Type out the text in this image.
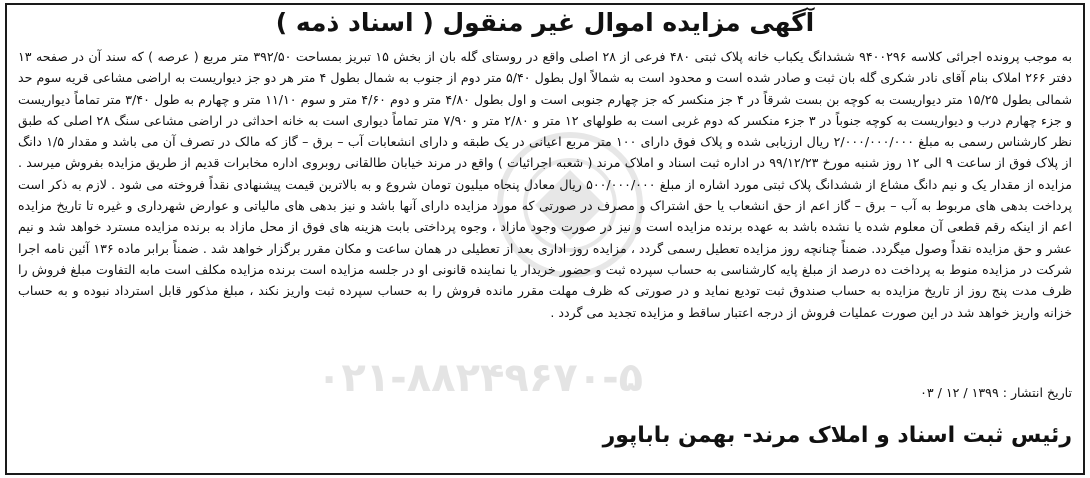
آگهی مزایده اموال غیر منقول ( اسناد ذمه )
۰۲۱-۸۸۲۴۹۶۷۰-۵
به موجب پرونده اجرائی کلاسه ۹۴۰۰۲۹۶ ششدانگ یکباب خانه پلاک ثبتی ۴۸۰ فرعی از ۲۸ اصلی واقع در روستای گله بان از بخش ۱۵ تبریز بمساحت ۳۹۲/۵۰ متر مربع ( عرصه ) که سند آن در صفحه ۱۳ دفتر ۲۶۶ املاک بنام آقای نادر شکری گله بان ثبت و صادر شده است و محدود است به شمالاً اول بطول ۵/۴۰ متر دوم از جنوب به شمال بطول ۴ متر هر دو جز دیواریست به اراضی مشاعی قریه سوم حد شمالی بطول ۱۵/۲۵ متر دیواریست به کوچه بن بست شرقاً در ۴ جز منکسر که جز چهارم جنوبی است و اول بطول ۴/۸۰ متر و دوم ۴/۶۰ متر و سوم ۱۱/۱۰ متر و چهارم به طول ۳/۴۰ متر تماماً دیواریست و جزء چهارم درب و دیواریست به کوچه جنوباً در ۳ جزء منکسر که دوم غربی است به طولهای ۱۲ متر و ۲/۸۰ متر و ۷/۹۰ متر تماماً دیواری است به خانه احداثی در اراضی مشاعی سنگ ۲۸ اصلی که طبق نظر کارشناس رسمی به مبلغ ۲/۰۰۰/۰۰۰/۰۰۰ ریال ارزیابی شده و پلاک فوق دارای ۱۰۰ متر مربع اعیانی در یک طبقه و دارای انشعابات آب – برق – گاز که مالک در تصرف آن می باشد و مقدار ۱/۵ دانگ از پلاک فوق از ساعت ۹ الی ۱۲ روز شنبه مورخ ۹۹/۱۲/۲۳ در اداره ثبت اسناد و املاک مرند ( شعبه اجرائیات ) واقع در مرند خیابان طالقانی روبروی اداره مخابرات قدیم از طریق مزایده بفروش میرسد . مزایده از مقدار یک و نیم دانگ مشاع از ششدانگ پلاک ثبتی مورد اشاره از مبلغ ۵۰۰/۰۰۰/۰۰۰ ریال معادل پنجاه میلیون تومان شروع و به بالاترین قیمت پیشنهادی نقداً فروخته می شود . لازم به ذکر است پرداخت بدهی های مربوط به آب – برق – گاز اعم از حق انشعاب یا حق اشتراک و مصرف در صورتی که مورد مزایده دارای آنها باشد و نیز بدهی های مالیاتی و عوارض شهرداری و غیره تا تاریخ مزایده اعم از اینکه رقم قطعی آن معلوم شده یا نشده باشد به عهده برنده مزایده است و نیز در صورت وجود مازاد ، وجوه پرداختی بابت هزینه های فوق از محل مازاد به برنده مزایده مسترد خواهد شد و نیم عشر و حق مزایده نقداً وصول میگردد. ضمناً چنانچه روز مزایده تعطیل رسمی گردد ، مزایده روز اداری بعد از تعطیلی در همان ساعت و مکان مقرر برگزار خواهد شد . ضمناً برابر ماده ۱۳۶ آئین نامه اجرا شرکت در مزایده منوط به پرداخت ده درصد از مبلغ پایه کارشناسی به حساب سپرده ثبت و حضور خریدار یا نماینده قانونی او در جلسه مزایده است برنده مزایده مکلف است مابه التفاوت مبلغ فروش را ظرف مدت پنج روز از تاریخ مزایده به حساب صندوق ثبت تودیع نماید و در صورتی که ظرف مهلت مقرر مانده فروش را به حساب سپرده ثبت واریز نکند ، مبلغ مذکور قابل استرداد نبوده و به حساب خزانه واریز خواهد شد در این صورت عملیات فروش از درجه اعتبار ساقط و مزایده تجدید می گردد .
تاریخ انتشار : ۱۳۹۹ / ۱۲ / ۰۳
رئیس ثبت اسناد و املاک مرند- بهمن باباپور
